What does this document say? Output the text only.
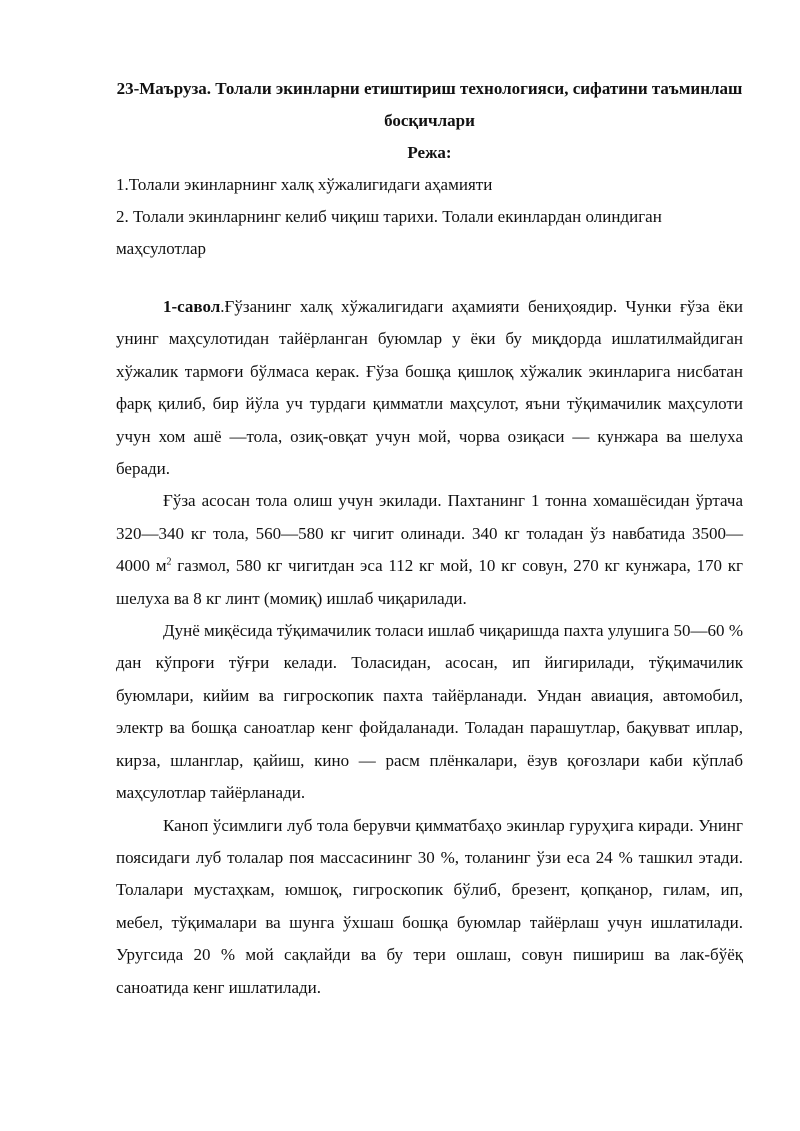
23-Маъруза. Толали экинларни етиштириш технологияси, сифатини таъминлаш босқичлари

Режа:

1.Толали экинларнинг халқ хўжалигидаги аҳамияти

2. Толали экинларнинг келиб чиқиш тарихи. Толали екинлардан олиндиган маҳсулотлар

1-савол.Ғўзанинг халқ хўжалигидаги аҳамияти бениҳоядир. Чунки ғўза ёки унинг маҳсулотидан тайёрланган буюмлар у ёки бу миқдорда ишлатилмайдиган хўжалик тармоғи бўлмаса керак. Ғўза бошқа қишлоқ хўжалик экинларига нисбатан фарқ қилиб, бир йўла уч турдаги қимматли маҳсулот, яъни тўқимачилик маҳсулоти учун хом ашё —тола, озиқ-овқат учун мой, чорва озиқаси — кунжара ва шелуха беради.

Ғўза асосан тола олиш учун экилади. Пахтанинг 1 тонна хомашёсидан ўртача 320—340 кг тола, 560—580 кг чигит олинади. 340 кг толадан ўз навбатида 3500—4000 $м^2$ газмол, 580 кг чигитдан эса 112 кг мой, 10 кг совун, 270 кг кунжара, 170 кг шелуха ва 8 кг линт (момиқ) ишлаб чиқарилади.

Дунё миқёсида тўқимачилик толаси ишлаб чиқаришда пахта улушига 50—60 % дан кўпроғи тўғри келади. Толасидан, асосан, ип йигирилади, тўқимачилик буюмлари, кийим ва гигроскопик пахта тайёрланади. Ундан авиация, автомобил, электр ва бошқа саноатлар кенг фойдаланади. Толадан парашутлар, бақувват иплар, кирза, шланглар, қайиш, кино — расм плёнкалари, ёзув қоғозлари каби кўплаб маҳсулотлар тайёрланади.

Каноп ўсимлиги луб тола берувчи қимматбаҳо экинлар гуруҳига киради. Унинг поясидаги луб толалар поя массасининг 30 %, толанинг ўзи еса 24 % ташкил этади. Толалари мустаҳкам, юмшоқ, гигроскопик бўлиб, брезент, қопқанор, гилам, ип, мебел, тўқималари ва шунга ўхшаш бошқа буюмлар тайёрлаш учун ишлатилади. Уругсида 20 % мой сақлайди ва бу тери ошлаш, совун пишириш ва лак-бўёқ саноатида кенг ишлатилади.
